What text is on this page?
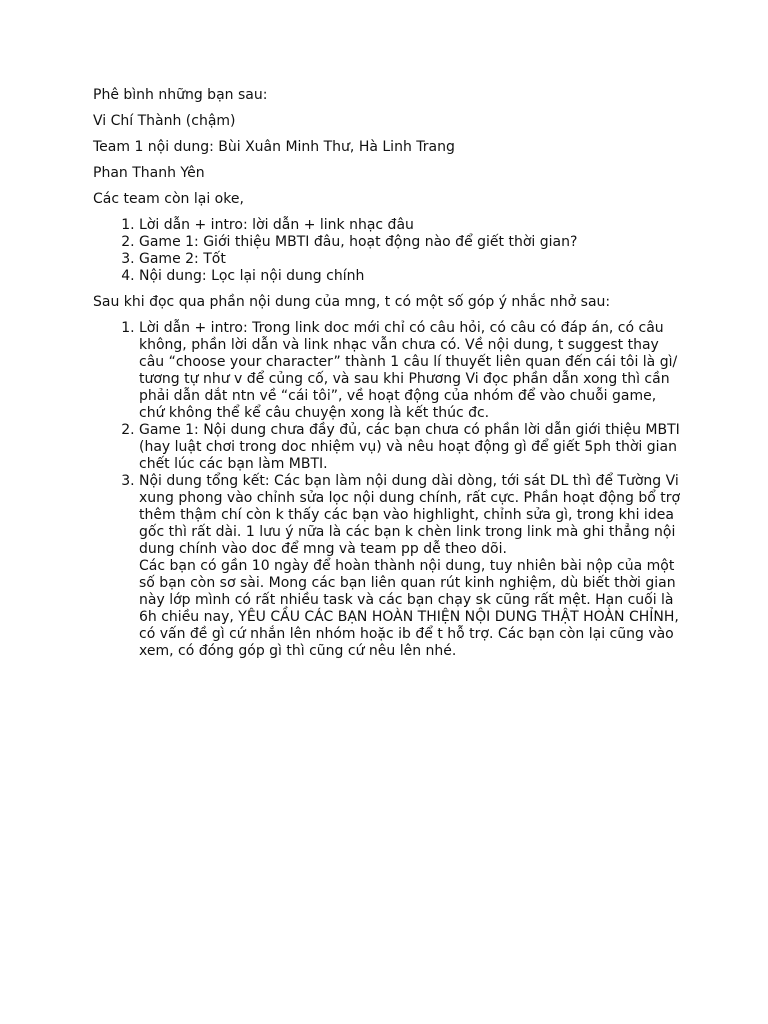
Phê bình những bạn sau:

Vi Chí Thành (chậm)

Team 1 nội dung: Bùi Xuân Minh Thư, Hà Linh Trang

Phan Thanh Yên

Các team còn lại oke,

1. Lời dẫn + intro: lời dẫn + link nhạc đâu
2. Game 1: Giới thiệu MBTI đâu, hoạt động nào để giết thời gian?
3. Game 2: Tốt
4. Nội dung: Lọc lại nội dung chính

Sau khi đọc qua phần nội dung của mng, t có một số góp ý nhắc nhở sau:

1. Lời dẫn + intro: Trong link doc mới chỉ có câu hỏi, có câu có đáp án, có câu không, phần lời dẫn và link nhạc vẫn chưa có. Về nội dung, t suggest thay câu “choose your character” thành 1 câu lí thuyết liên quan đến cái tôi là gì/ tương tự như v để củng cố, và sau khi Phương Vi đọc phần dẫn xong thì cần phải dẫn dắt ntn về “cái tôi”, về hoạt động của nhóm để vào chuỗi game, chứ không thể kể câu chuyện xong là kết thúc đc.
2. Game 1: Nội dung chưa đầy đủ, các bạn chưa có phần lời dẫn giới thiệu MBTI (hay luật chơi trong doc nhiệm vụ) và nêu hoạt động gì để giết 5ph thời gian chết lúc các bạn làm MBTI.
3. Nội dung tổng kết: Các bạn làm nội dung dài dòng, tới sát DL thì để Tường Vi xung phong vào chỉnh sửa lọc nội dung chính, rất cực. Phần hoạt động bổ trợ thêm thậm chí còn k thấy các bạn vào highlight, chỉnh sửa gì, trong khi idea gốc thì rất dài. 1 lưu ý nữa là các bạn k chèn link trong link mà ghi thẳng nội dung chính vào doc để mng và team pp dễ theo dõi.
Các bạn có gần 10 ngày để hoàn thành nội dung, tuy nhiên bài nộp của một số bạn còn sơ sài. Mong các bạn liên quan rút kinh nghiệm, dù biết thời gian này lớp mình có rất nhiều task và các bạn chạy sk cũng rất mệt. Hạn cuối là 6h chiều nay, YÊU CẦU CÁC BẠN HOÀN THIỆN NỘI DUNG THẬT HOÀN CHỈNH, có vấn đề gì cứ nhắn lên nhóm hoặc ib để t hỗ trợ. Các bạn còn lại cũng vào xem, có đóng góp gì thì cũng cứ nêu lên nhé.
